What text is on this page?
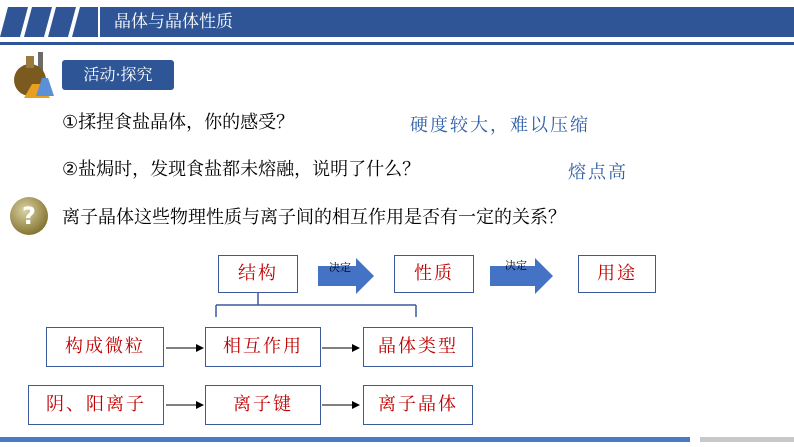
晶体与晶体性质
活动·探究
①揉捏食盐晶体，你的感受？	硬度较大，难以压缩
②盐焗时，发现食盐都未熔融，说明了什么？	熔点高
?	离子晶体这些物理性质与离子间的相互作用是否有一定的关系？
决定	决定
结构	性质	用途
构成微粒	相互作用	晶体类型
阴、阳离子	离子键	离子晶体
